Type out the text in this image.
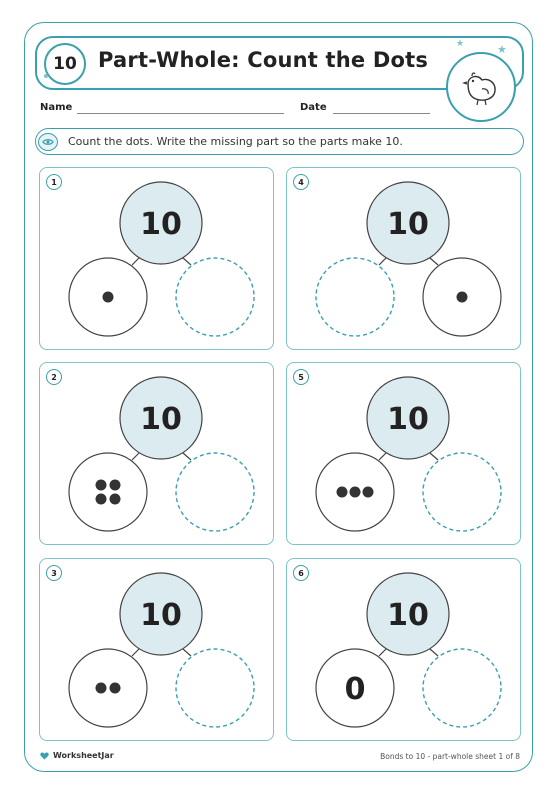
10	Part-Whole: Count the Dots
★	★
Name	Date
Count the dots. Write the missing part so the parts make 10.
10
1
10
2
10
3
10
4
10
5
10
0
6
WorksheetJar	Bonds to 10 - part-whole sheet 1 of 8
